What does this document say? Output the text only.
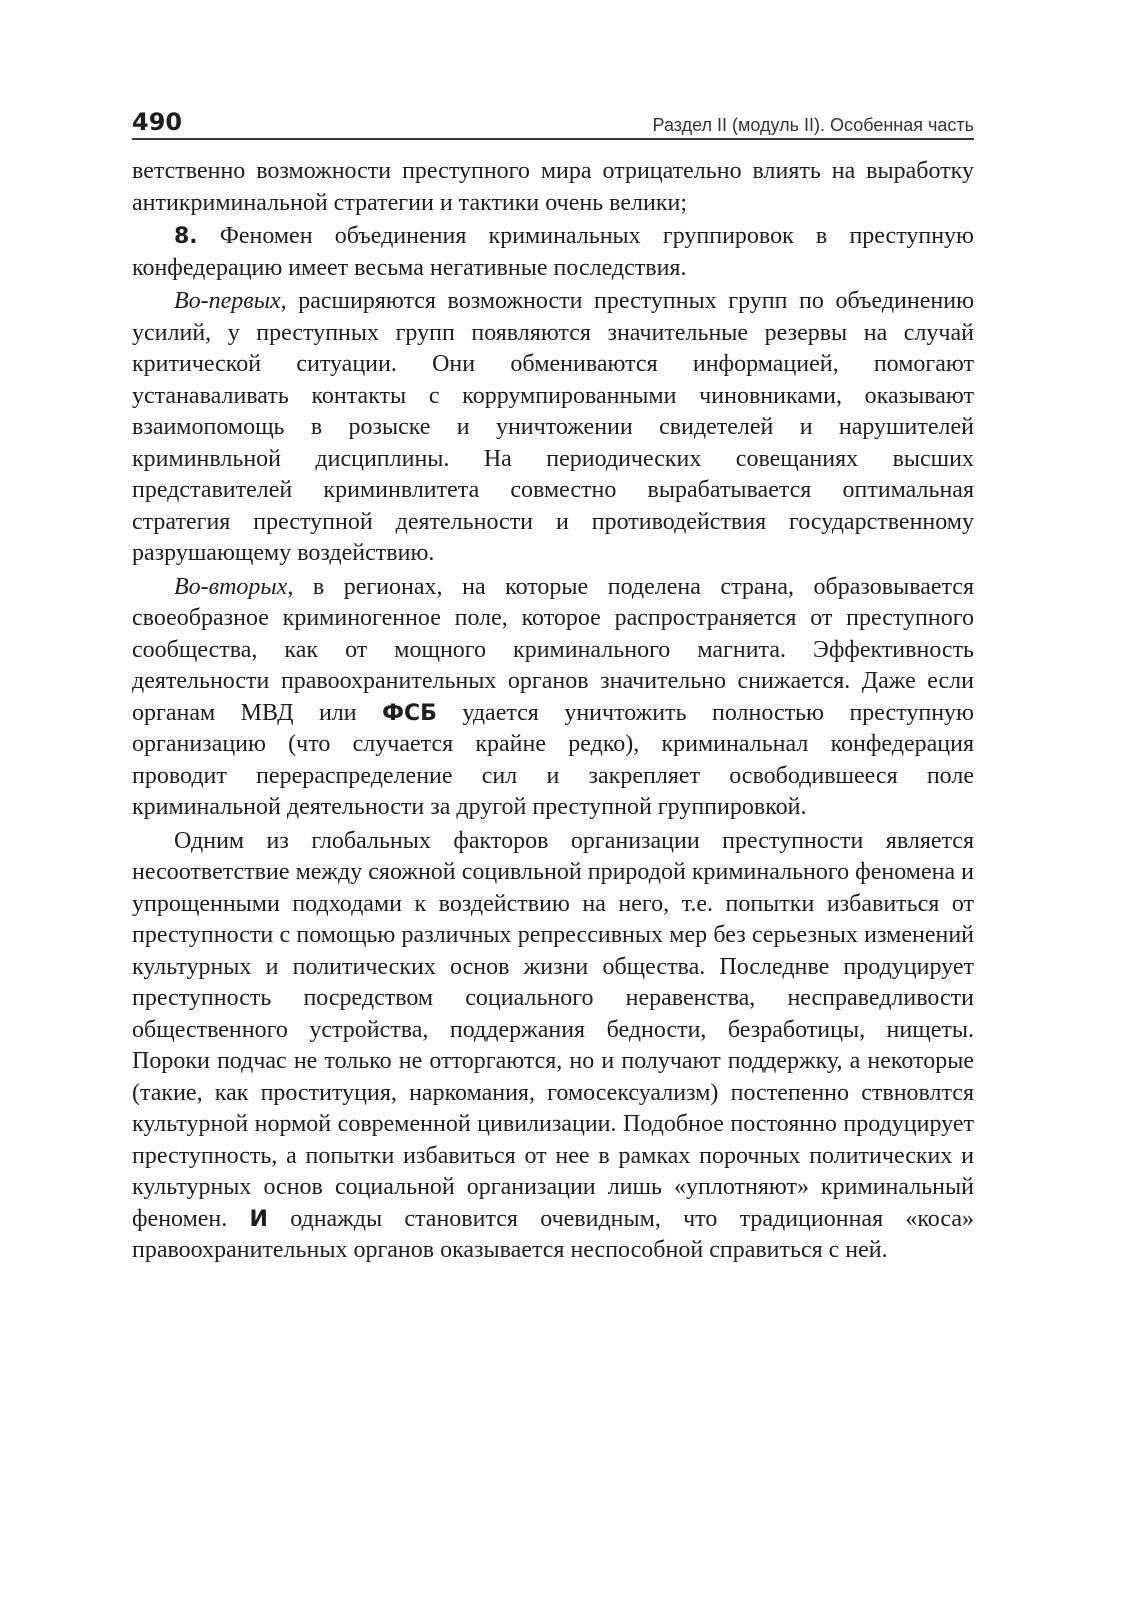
490	Раздел II (модуль II). Особенная часть

ветственно возможности преступного мира отрицательно влиять на выработку антикриминальной стратегии и тактики очень велики;

8. Феномен объединения криминальных группировок в преступную конфедерацию имеет весьма негативные последствия.

Во-первых, расширяются возможности преступных групп по объединению усилий, у преступных групп появляются значительные резервы на случай критической ситуации. Они обмениваются информацией, помогают устанаваливать контакты с коррумпированными чиновниками, оказывают взаимопомощь в розыске и уничтожении свидетелей и нарушителей криминвльной дисциплины. На периодических совещаниях высших представителей криминвлитета совместно вырабатывается оптимальная стратегия преступной деятельности и противодействия государственному разрушающему воздействию.

Во-вторых, в регионах, на которые поделена страна, образовывается своеобразное криминогенное поле, которое распространяется от преступного сообщества, как от мощного криминального магнита. Эффективность деятельности правоохранительных органов значительно снижается. Даже если органам МВД или ФСБ удается уничтожить полностью преступную организацию (что случается крайне редко), криминальнал конфедерация проводит перераспределение сил и закрепляет освободившееся поле криминальной деятельности за другой преступной группировкой.

Одним из глобальных факторов организации преступности является несоответствие между сяожной социвльной природой криминального феномена и упрощенными подходами к воздействию на него, т.е. попытки избавиться от преступности с помощью различных репрессивных мер без серьезных изменений культурных и политических основ жизни общества. Последнве продуцирует преступность посредством социального неравенства, несправедливости общественного устройства, поддержания бедности, безработицы, нищеты. Пороки подчас не только не отторгаются, но и получают поддержку, а некоторые (такие, как проституция, наркомания, гомосексуализм) постепенно ствновлтся культурной нормой современной цивилизации. Подобное постоянно продуцирует преступность, а попытки избавиться от нее в рамках порочных политических и культурных основ социальной организации лишь «уплотняют» криминальный феномен. И однажды становится очевидным, что традиционная «коса» правоохранительных органов оказывается неспособной справиться с ней.
